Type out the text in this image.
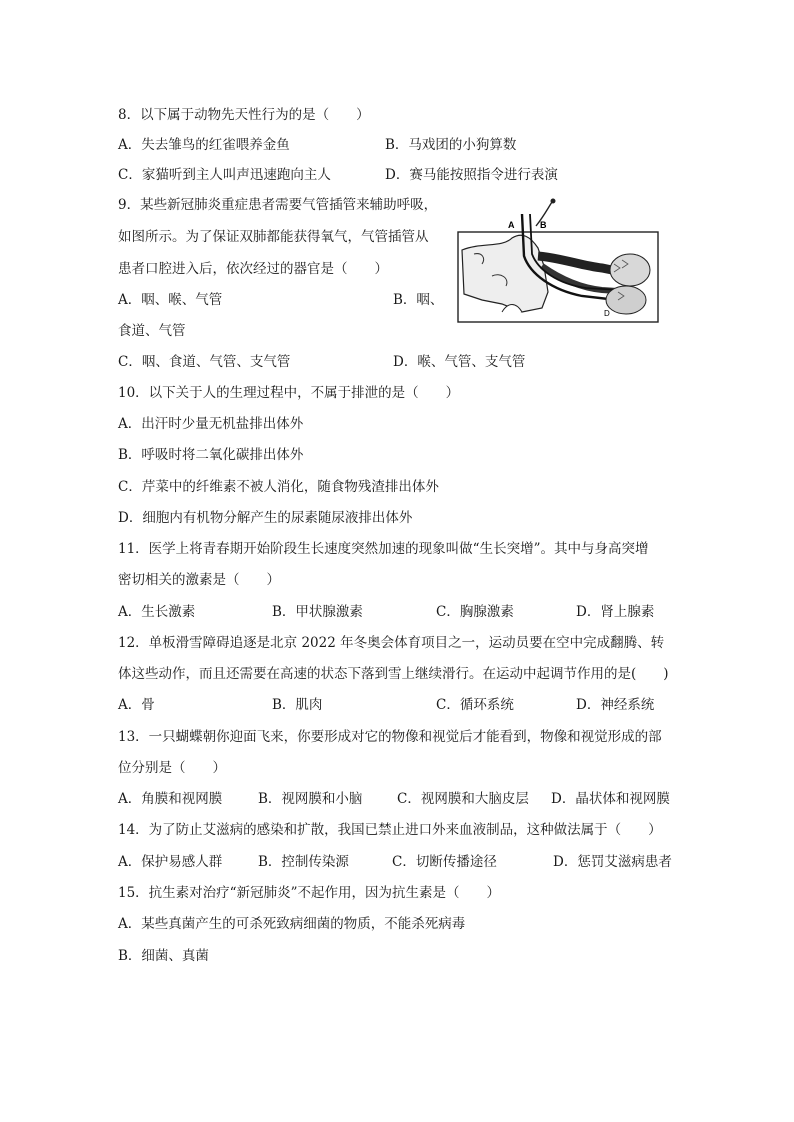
8．以下属于动物先天性行为的是（　　）
A．失去雏鸟的红雀喂养金鱼	B．马戏团的小狗算数
C．家猫听到主人叫声迅速跑向主人	D．赛马能按照指令进行表演
9．某些新冠肺炎重症患者需要气管插管来辅助呼吸，
如图所示。为了保证双肺都能获得氧气，气管插管从
患者口腔进入后，依次经过的器官是（　　）
A．咽、喉、气管	B．咽、
食道、气管
C．咽、食道、气管、支气管	D．喉、气管、支气管
A	B
D
10．以下关于人的生理过程中，不属于排泄的是（　　）
A．出汗时少量无机盐排出体外
B．呼吸时将二氧化碳排出体外
C．芹菜中的纤维素不被人消化，随食物残渣排出体外
D．细胞内有机物分解产生的尿素随尿液排出体外
11．医学上将青春期开始阶段生长速度突然加速的现象叫做“生长突增”。其中与身高突增
密切相关的激素是（　　）
A．生长激素	B．甲状腺激素	C．胸腺激素	D．肾上腺素
12．单板滑雪障碍追逐是北京 2022 年冬奥会体育项目之一，运动员要在空中完成翻腾、转
体这些动作，而且还需要在高速的状态下落到雪上继续滑行。在运动中起调节作用的是(　　)
A．骨	B．肌肉	C．循环系统	D．神经系统
13．一只蝴蝶朝你迎面飞来，你要形成对它的物像和视觉后才能看到，物像和视觉形成的部
位分别是（　　）
A．角膜和视网膜	B．视网膜和小脑	C．视网膜和大脑皮层 D．晶状体和视网膜
14．为了防止艾滋病的感染和扩散，我国已禁止进口外来血液制品，这种做法属于（　　）
A．保护易感人群	B．控制传染源	C．切断传播途径	D．惩罚艾滋病患者
15．抗生素对治疗“新冠肺炎”不起作用，因为抗生素是（　　）
A．某些真菌产生的可杀死致病细菌的物质，不能杀死病毒
B．细菌、真菌
